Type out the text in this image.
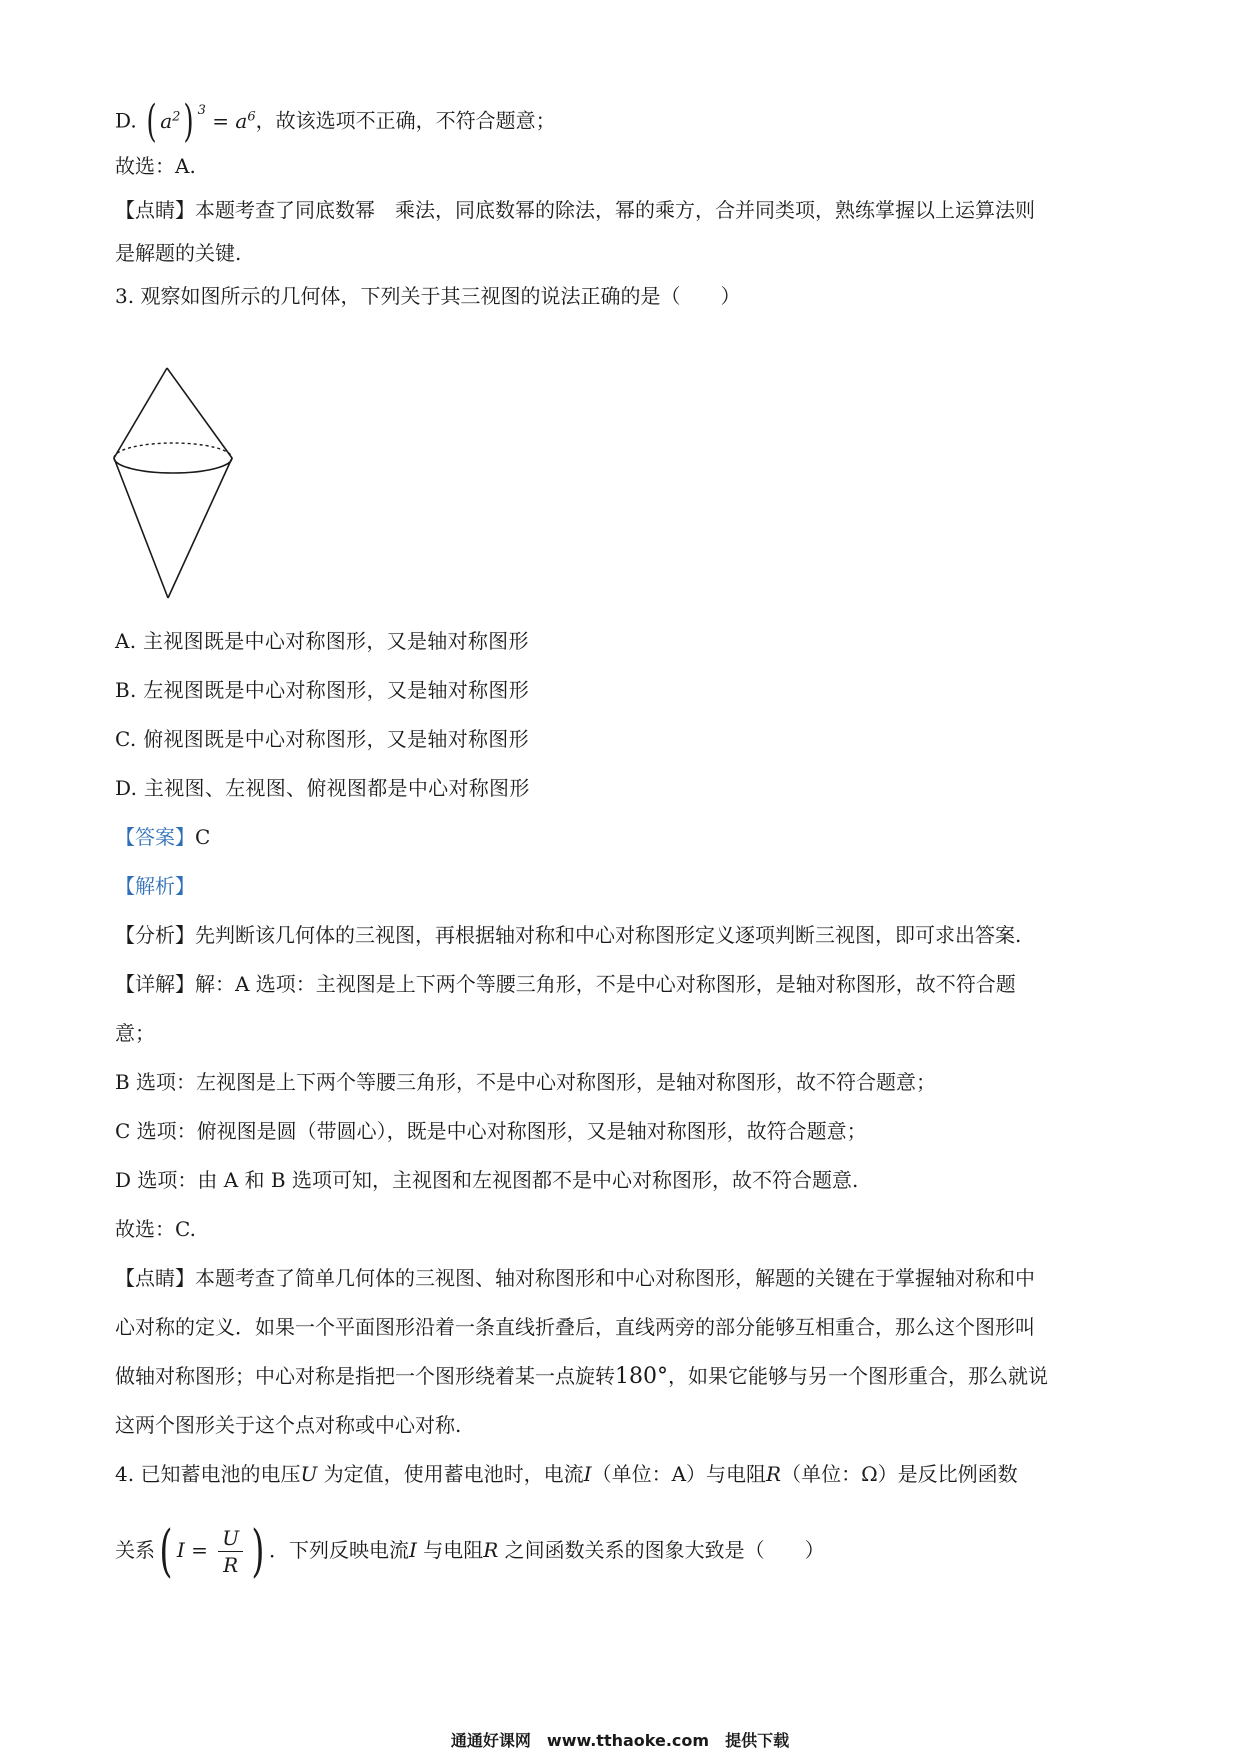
D. ( $a^2$) $^3 = a^6$，故该选项不正确，不符合题意；
故选：A.
【点睛】本题考查了同底数幂　乘法，同底数幂的除法，幂的乘方，合并同类项，熟练掌握以上运算法则
是解题的关键.
3. 观察如图所示的几何体，下列关于其三视图的说法正确的是（　　）
A. 主视图既是中心对称图形，又是轴对称图形
B. 左视图既是中心对称图形，又是轴对称图形
C. 俯视图既是中心对称图形，又是轴对称图形
D. 主视图、左视图、俯视图都是中心对称图形
【答案】C
【解析】
【分析】先判断该几何体的三视图，再根据轴对称和中心对称图形定义逐项判断三视图，即可求出答案.
【详解】解：A 选项：主视图是上下两个等腰三角形，不是中心对称图形，是轴对称图形，故不符合题
意；
B 选项：左视图是上下两个等腰三角形，不是中心对称图形，是轴对称图形，故不符合题意；
C 选项：俯视图是圆（带圆心），既是中心对称图形，又是轴对称图形，故符合题意；
D 选项：由 A 和 B 选项可知，主视图和左视图都不是中心对称图形，故不符合题意.
故选：C.
【点睛】本题考查了简单几何体的三视图、轴对称图形和中心对称图形，解题的关键在于掌握轴对称和中
心对称的定义．如果一个平面图形沿着一条直线折叠后，直线两旁的部分能够互相重合，那么这个图形叫
做轴对称图形；中心对称是指把一个图形绕着某一点旋转180°，如果它能够与另一个图形重合，那么就说
这两个图形关于这个点对称或中心对称.
4. 已知蓄电池的电压U 为定值，使用蓄电池时，电流I（单位：A）与电阻R（单位：Ω）是反比例函数
关系( $I = \frac{U}{R}$ ) ．下列反映电流I 与电阻R 之间函数关系的图象大致是（　　）
通通好课网　www.tthaoke.com　提供下载
